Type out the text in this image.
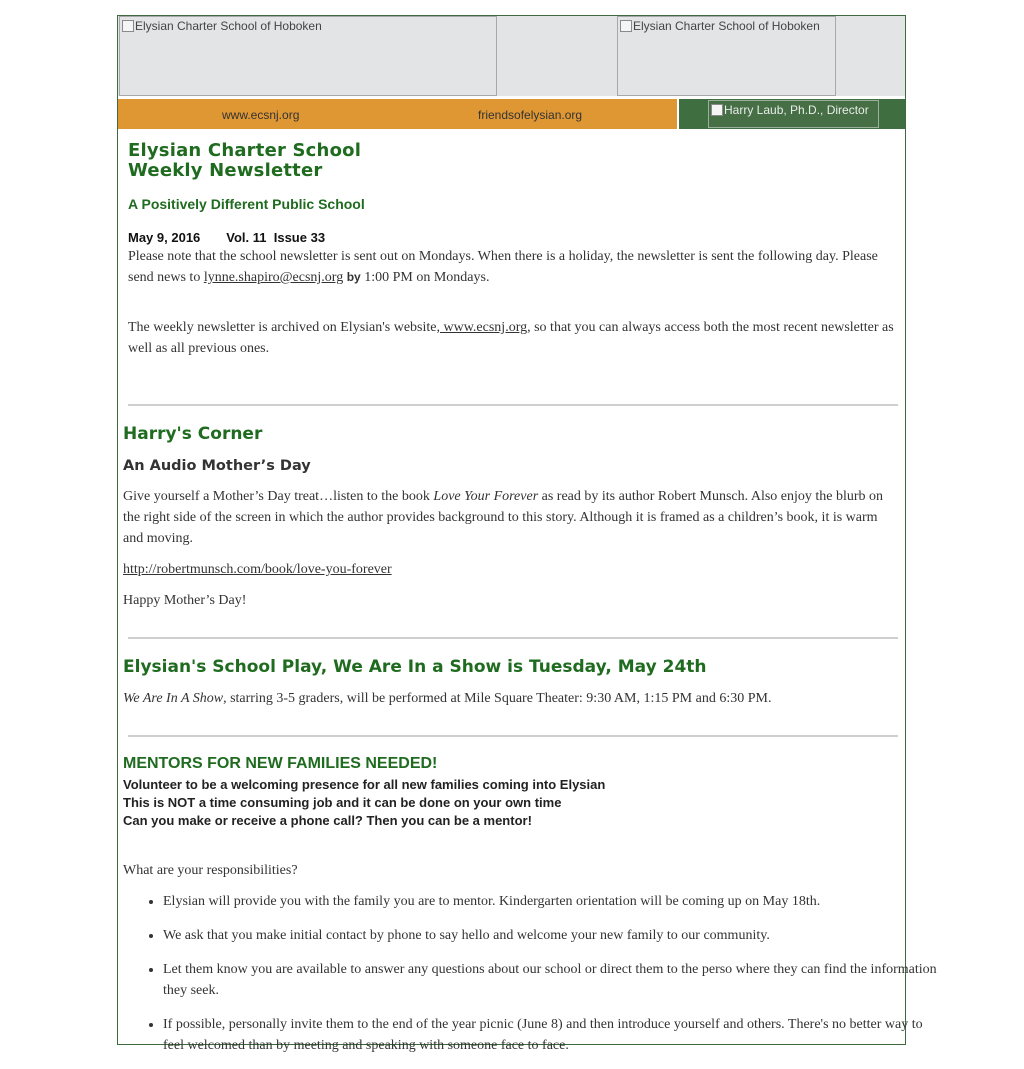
Elysian Charter School of Hoboken	Elysian Charter School of Hoboken
www.ecsnj.org	friendsofelysian.org	Harry Laub, Ph.D., Director
Elysian Charter School
Weekly Newsletter
A Positively Different Public School
May 9, 2016 Vol. 11  Issue 33
Please note that the school newsletter is sent out on Mondays. When there is a holiday, the newsletter is sent the following day. Please send news to lynne.shapiro@ecsnj.org by 1:00 PM on Mondays.
The weekly newsletter is archived on Elysian's website, www.ecsnj.org, so that you can always access both the most recent newsletter as well as all previous ones.
Harry's Corner
An Audio Mother’s Day
Give yourself a Mother’s Day treat…listen to the book Love Your Forever as read by its author Robert Munsch. Also enjoy the blurb on the right side of the screen in which the author provides background to this story. Although it is framed as a children’s book, it is warm and moving.
http://robertmunsch.com/book/love-you-forever
Happy Mother’s Day!
Elysian's School Play, We Are In a Show is Tuesday, May 24th
We Are In A Show, starring 3-5 graders, will be performed at Mile Square Theater: 9:30 AM, 1:15 PM and 6:30 PM.
MENTORS FOR NEW FAMILIES NEEDED!
Volunteer to be a welcoming presence for all new families coming into Elysian
This is NOT a time consuming job and it can be done on your own time
Can you make or receive a phone call? Then you can be a mentor!
What are your responsibilities?
• Elysian will provide you with the family you are to mentor. Kindergarten orientation will be coming up on May 18th.
• We ask that you make initial contact by phone to say hello and welcome your new family to our community.
• Let them know you are available to answer any questions about our school or direct them to the perso where they can find the information they seek.
• If possible, personally invite them to the end of the year picnic (June 8) and then introduce yourself and others. There's no better way to feel welcomed than by meeting and speaking with someone face to face.
